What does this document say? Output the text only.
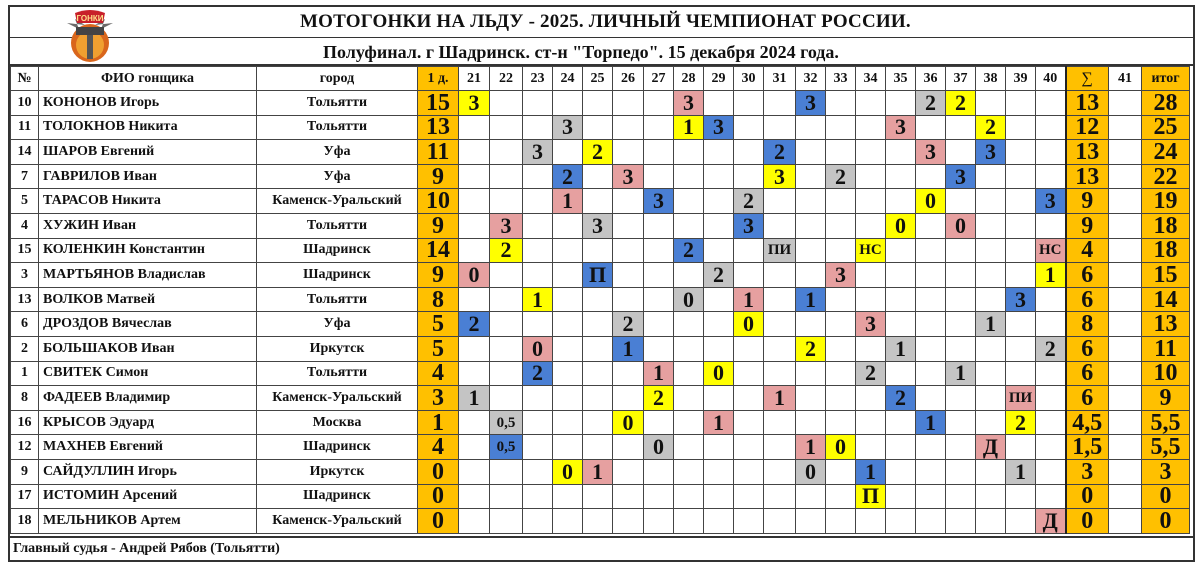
МОТОГОНКИ НА ЛЬДУ - 2025. ЛИЧНЫЙ ЧЕМПИОНАТ РОССИИ.
Полуфинал. г Шадринск. ст-н "Торпедо". 15 декабря 2024 года.
ГОНКИ
№	ФИО гонщика	город	1 д.	21	22	23	24	25	26	27	28	29	30	31	32	33	34	35	36	37	38	39	40	∑	41	итог
10	КОНОНОВ Игорь	Тольятти	15	3							3				3				2	2				13		28
11	ТОЛОКНОВ Никита	Тольятти	13				3				1	3						3			2			12		25
14	ШАРОВ Евгений	Уфа	11			3		2						2					3		3			13		24
7	ГАВРИЛОВ Иван	Уфа	9				2		3					3		2				3				13		22
5	ТАРАСОВ Никита	Каменск-Уральский	10				1			3			2						0				3	9		19
4	ХУЖИН Иван	Тольятти	9		3			3					3					0		0				9		18
15	КОЛЕНКИН Константин	Шадринск	14		2						2			ПИ			НС						НС	4		18
3	МАРТЬЯНОВ Владислав	Шадринск	9	0				П				2				3							1	6		15
13	ВОЛКОВ Матвей	Тольятти	8			1					0		1		1							3		6		14
6	ДРОЗДОВ Вячеслав	Уфа	5	2					2				0				3				1			8		13
2	БОЛЬШАКОВ Иван	Иркутск	5			0			1						2			1					2	6		11
1	СВИТЕК Симон	Тольятти	4			2				1		0					2			1				6		10
8	ФАДЕЕВ Владимир	Каменск-Уральский	3	1						2				1				2				ПИ		6		9
16	КРЫСОВ Эдуард	Москва	1		0,5				0			1							1			2		4,5		5,5
12	МАХНЕВ Евгений	Шадринск	4		0,5					0					1	0					Д			1,5		5,5
9	САЙДУЛЛИН Игорь	Иркутск	0				0	1							0		1					1		3		3
17	ИСТОМИН Арсений	Шадринск	0														П							0		0
18	МЕЛЬНИКОВ Артем	Каменск-Уральский	0																				Д	0		0
Главный судья - Андрей Рябов (Тольятти)
